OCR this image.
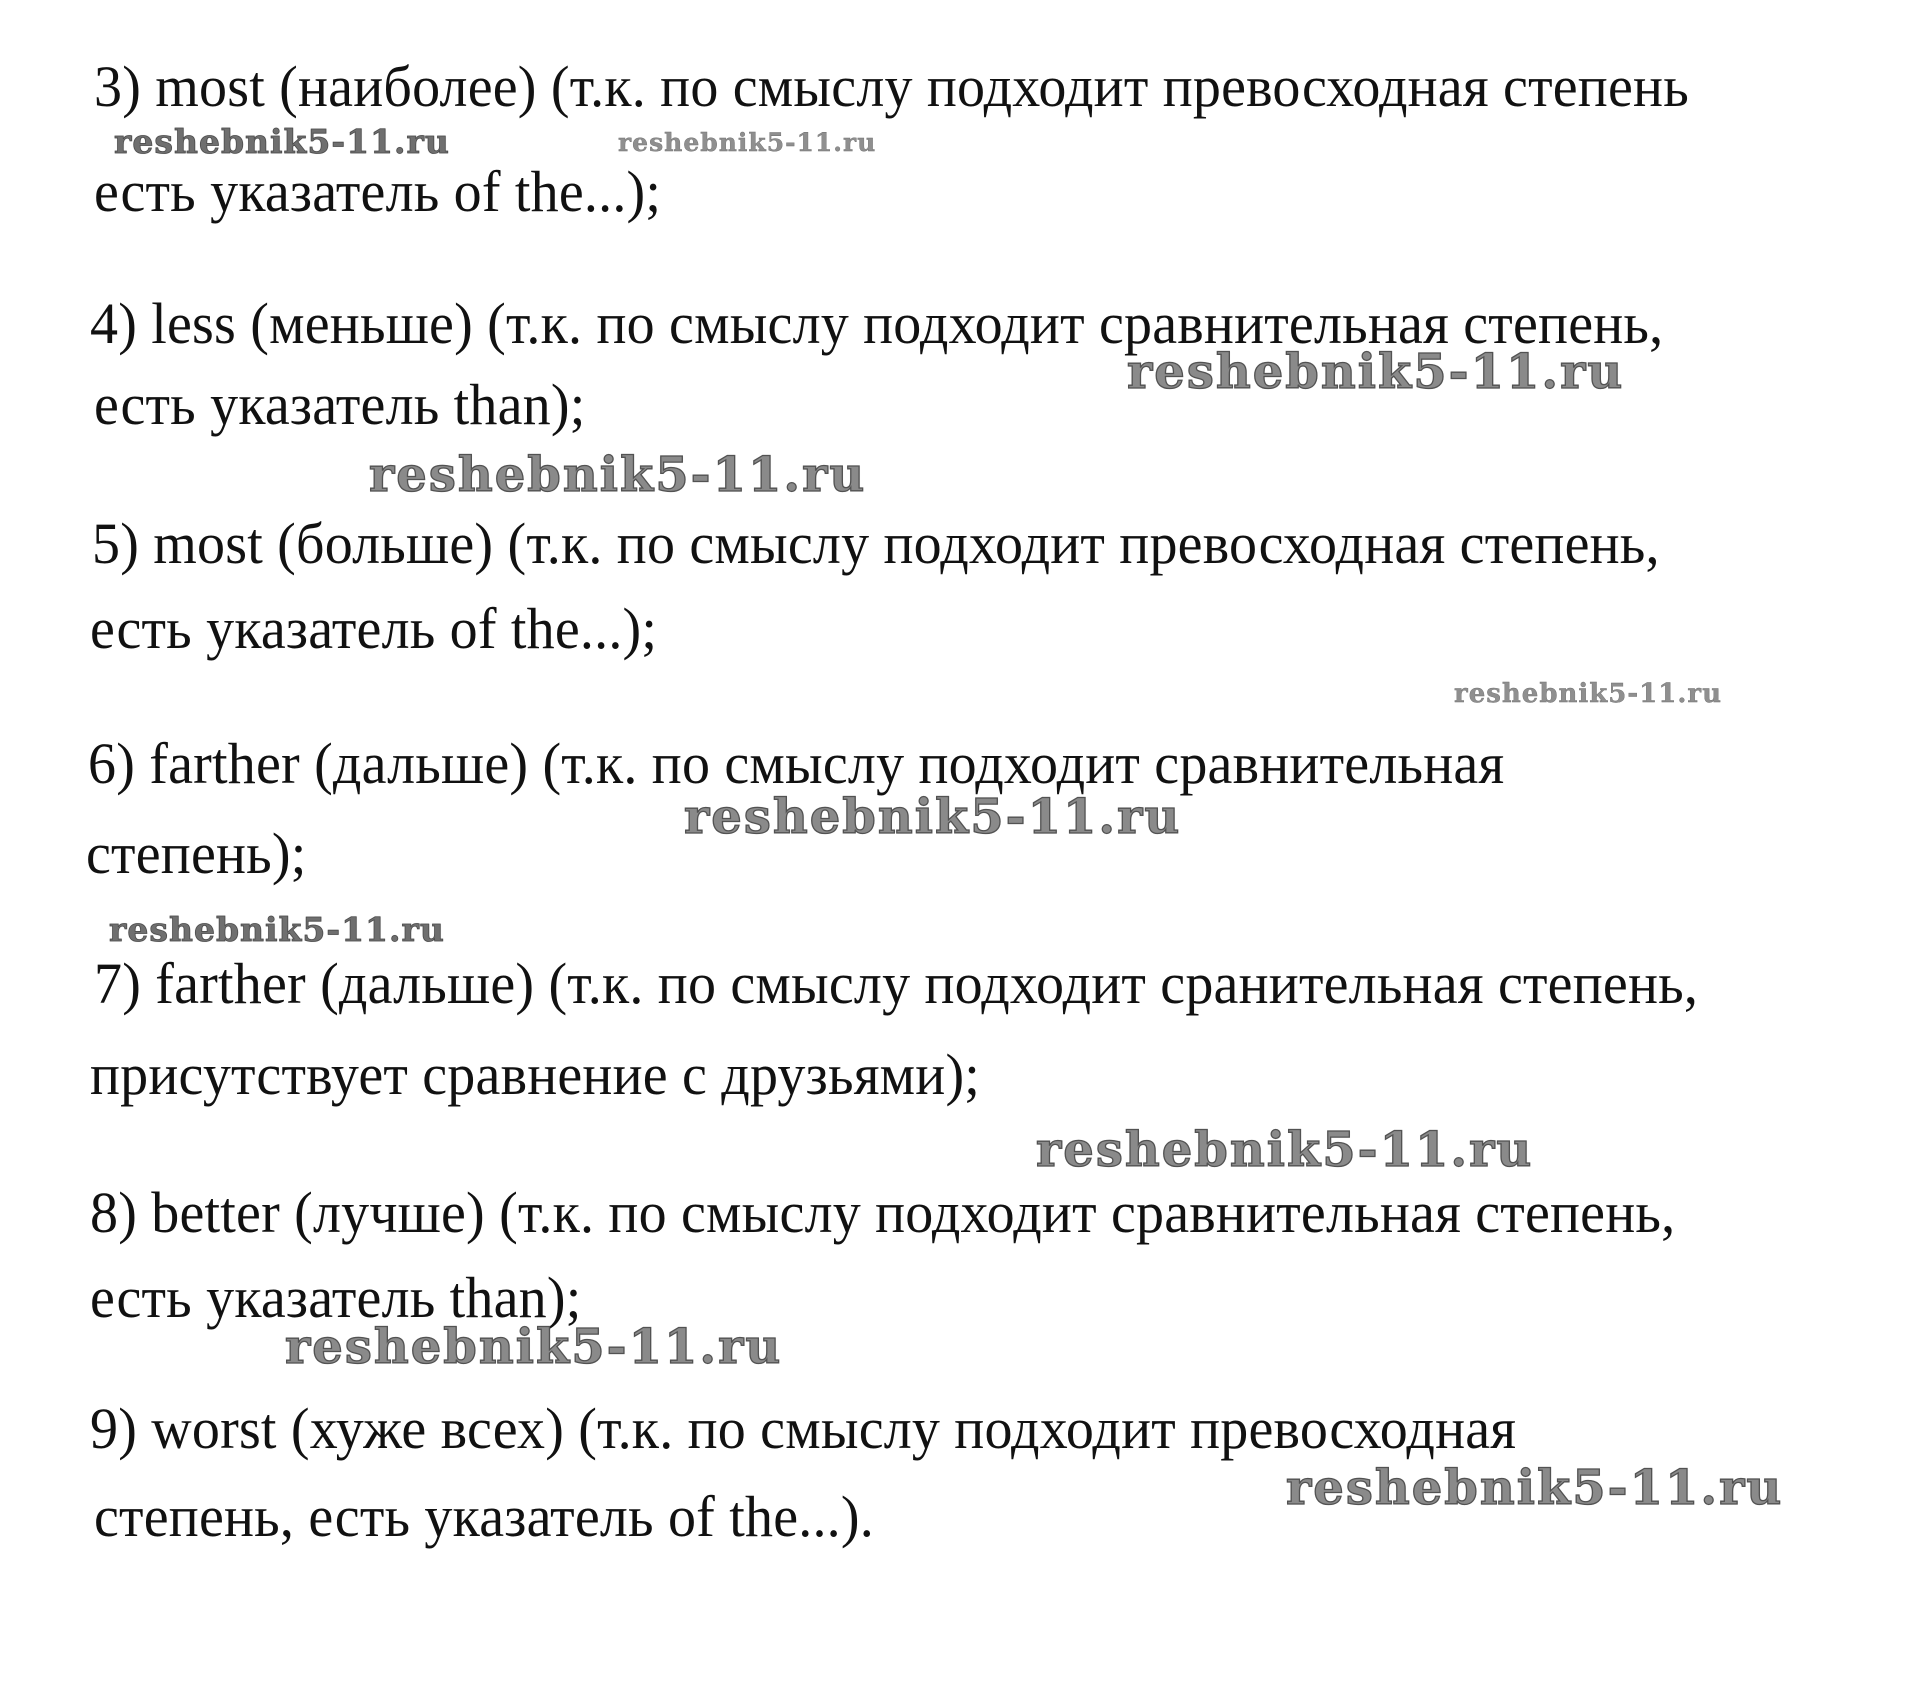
3) most (наиболее) (т.к. по смыслу подходит превосходная степень
есть указатель of the...);
4) less (меньше) (т.к. по смыслу подходит сравнительная степень,
есть указатель than);
5) most (больше) (т.к. по смыслу подходит превосходная степень,
есть указатель of the...);
6) farther (дальше) (т.к. по смыслу подходит сравнительная
степень);
7) farther (дальше) (т.к. по смыслу подходит сранительная степень,
присутствует сравнение с друзьями);
8) better (лучше) (т.к. по смыслу подходит сравнительная степень,
есть указатель than);
9) worst (хуже всех) (т.к. по смыслу подходит превосходная
степень, есть указатель of the...).
reshebnik5-11.ru	reshebnik5-11.ru
reshebnik5-11.ru
reshebnik5-11.ru
reshebnik5-11.ru
reshebnik5-11.ru
reshebnik5-11.ru
reshebnik5-11.ru
reshebnik5-11.ru
reshebnik5-11.ru
